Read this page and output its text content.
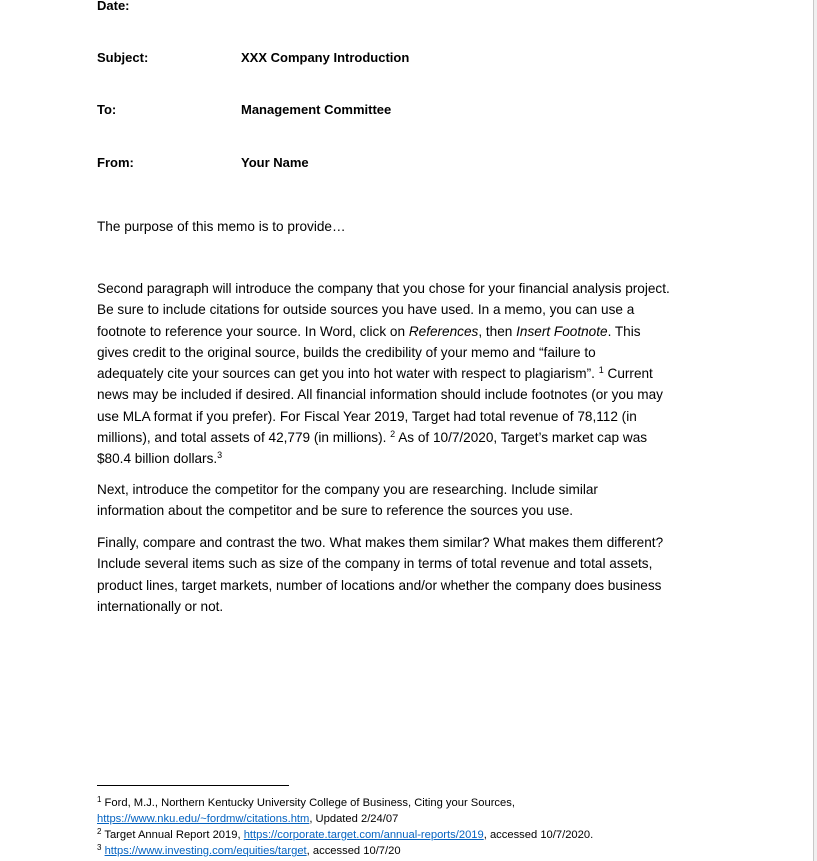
Date:
Subject:	XXX Company Introduction
To:	Management Committee
From:	Your Name

The purpose of this memo is to provide…

Second paragraph will introduce the company that you chose for your financial analysis project.
Be sure to include citations for outside sources you have used. In a memo, you can use a
footnote to reference your source. In Word, click on References, then Insert Footnote. This
gives credit to the original source, builds the credibility of your memo and “failure to
adequately cite your sources can get you into hot water with respect to plagiarism”. $^1$ Current
news may be included if desired. All financial information should include footnotes (or you may
use MLA format if you prefer). For Fiscal Year 2019, Target had total revenue of 78,112 (in
millions), and total assets of 42,779 (in millions). $^2$ As of 10/7/2020, Target’s market cap was
$80.4 billion dollars.$^3$

Next, introduce the competitor for the company you are researching. Include similar
information about the competitor and be sure to reference the sources you use.

Finally, compare and contrast the two. What makes them similar? What makes them different?
Include several items such as size of the company in terms of total revenue and total assets,
product lines, target markets, number of locations and/or whether the company does business
internationally or not.

$^1$ Ford, M.J., Northern Kentucky University College of Business, Citing your Sources,
https://www.nku.edu/~fordmw/citations.htm, Updated 2/24/07
$^2$ Target Annual Report 2019, https://corporate.target.com/annual-reports/2019, accessed 10/7/2020.
$^3$ https://www.investing.com/equities/target, accessed 10/7/20
